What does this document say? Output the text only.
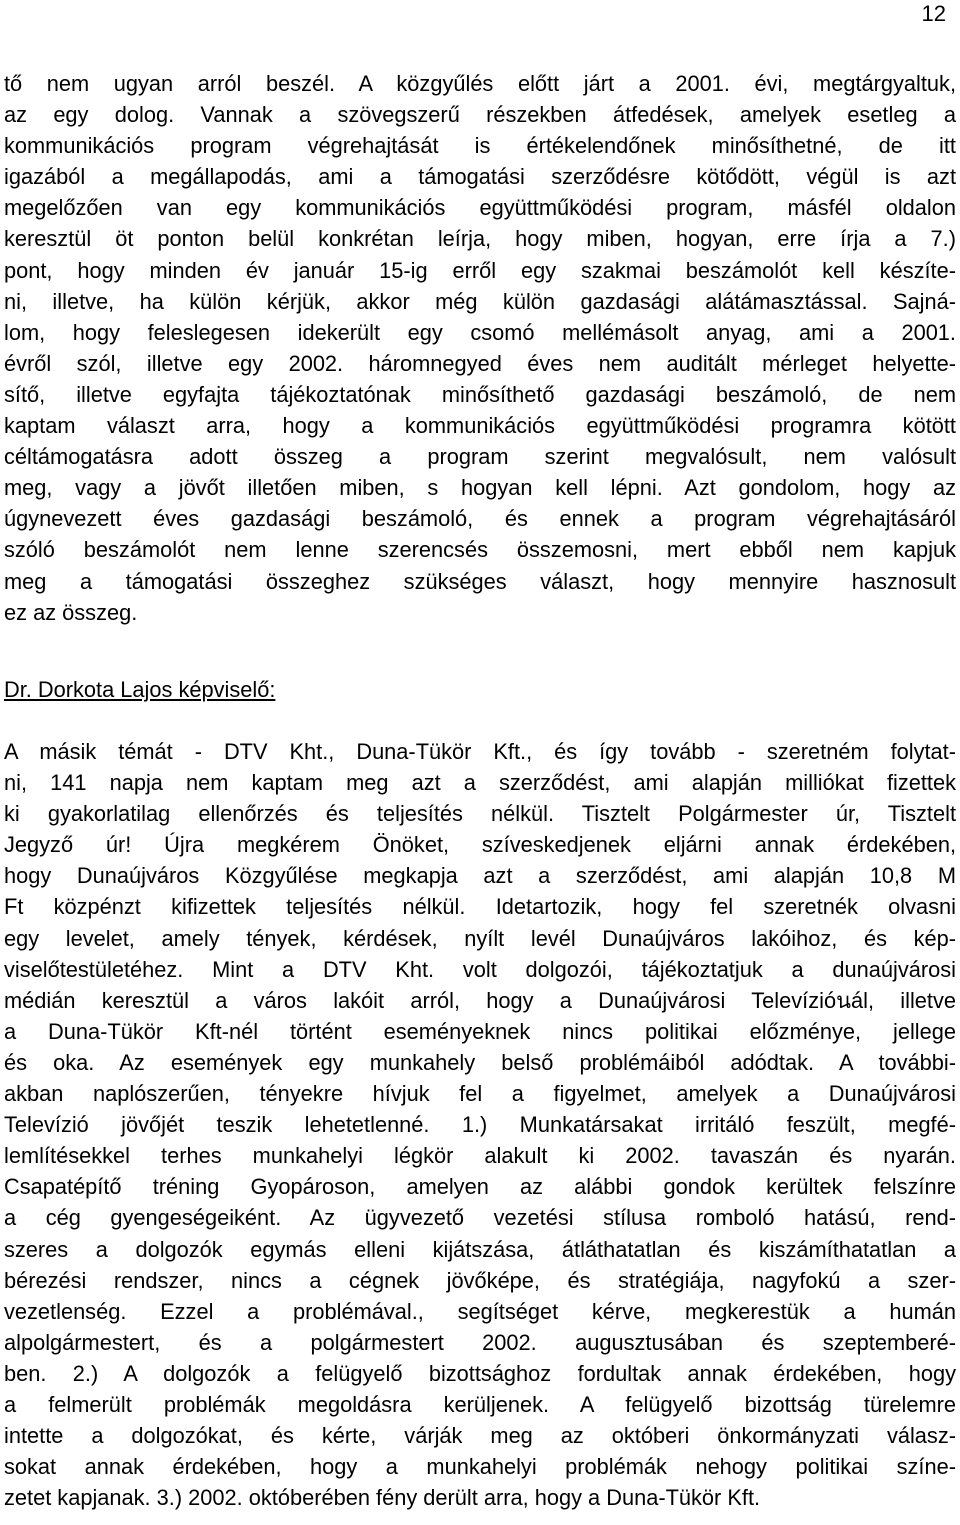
12
tő nem ugyan arról beszél. A közgyűlés előtt járt a 2001. évi, megtárgyaltuk,
az egy dolog. Vannak a szövegszerű részekben átfedések, amelyek esetleg a
kommunikációs program végrehajtását is értékelendőnek minősíthetné, de itt
igazából a megállapodás, ami a támogatási szerződésre kötődött, végül is azt
megelőzően van egy kommunikációs együttműködési program, másfél oldalon
keresztül öt ponton belül konkrétan leírja, hogy miben, hogyan, erre írja a 7.)
pont, hogy minden év január 15-ig erről egy szakmai beszámolót kell készíte-
ni, illetve, ha külön kérjük, akkor még külön gazdasági alátámasztással. Sajná-
lom, hogy feleslegesen idekerült egy csomó mellémásolt anyag, ami a 2001.
évről szól, illetve egy 2002. háromnegyed éves nem auditált mérleget helyette-
sítő, illetve egyfajta tájékoztatónak minősíthető gazdasági beszámoló, de nem
kaptam választ arra, hogy a kommunikációs együttműködési programra kötött
céltámogatásra adott összeg a program szerint megvalósult, nem valósult
meg, vagy a jövőt illetően miben, s hogyan kell lépni. Azt gondolom, hogy az
úgynevezett éves gazdasági beszámoló, és ennek a program végrehajtásáról
szóló beszámolót nem lenne szerencsés összemosni, mert ebből nem kapjuk
meg a támogatási összeghez szükséges választ, hogy mennyire hasznosult
ez az összeg.
Dr. Dorkota Lajos képviselő:
A másik témát - DTV Kht., Duna-Tükör Kft., és így tovább - szeretném folytat-
ni, 141 napja nem kaptam meg azt a szerződést, ami alapján milliókat fizettek
ki gyakorlatilag ellenőrzés és teljesítés nélkül. Tisztelt Polgármester úr, Tisztelt
Jegyző úr! Újra megkérem Önöket, szíveskedjenek eljárni annak érdekében,
hogy Dunaújváros Közgyűlése megkapja azt a szerződést, ami alapján 10,8 M
Ft közpénzt kifizettek teljesítés nélkül. Idetartozik, hogy fel szeretnék olvasni
egy levelet, amely tények, kérdések, nyílt levél Dunaújváros lakóihoz, és kép-
viselőtestületéhez. Mint a DTV Kht. volt dolgozói, tájékoztatjuk a dunaújvárosi
médián keresztül a város lakóit arról, hogy a Dunaújvárosi Televízióนál, illetve
a Duna-Tükör Kft-nél történt eseményeknek nincs politikai előzménye, jellege
és oka. Az események egy munkahely belső problémáiból adódtak. A további-
akban naplószerűen, tényekre hívjuk fel a figyelmet, amelyek a Dunaújvárosi
Televízió jövőjét teszik lehetetlenné. 1.) Munkatársakat irritáló feszült, megfé-
lemlítésekkel terhes munkahelyi légkör alakult ki 2002. tavaszán és nyarán.
Csapatépítő tréning Gyopároson, amelyen az alábbi gondok kerültek felszínre
a cég gyengeségeiként. Az ügyvezető vezetési stílusa romboló hatású, rend-
szeres a dolgozók egymás elleni kijátszása, átláthatatlan és kiszámíthatatlan a
bérezési rendszer, nincs a cégnek jövőképe, és stratégiája, nagyfokú a szer-
vezetlenség. Ezzel a problémával., segítséget kérve, megkerestük a humán
alpolgármestert, és a polgármestert 2002. augusztusában és szeptemberé-
ben. 2.) A dolgozók a felügyelő bizottsághoz fordultak annak érdekében, hogy
a felmerült problémák megoldásra kerüljenek. A felügyelő bizottság türelemre
intette a dolgozókat, és kérte, várják meg az októberi önkormányzati válasz-
sokat annak érdekében, hogy a munkahelyi problémák nehogy politikai színe-
zetet kapjanak. 3.) 2002. októberében fény derült arra, hogy a Duna-Tükör Kft.
